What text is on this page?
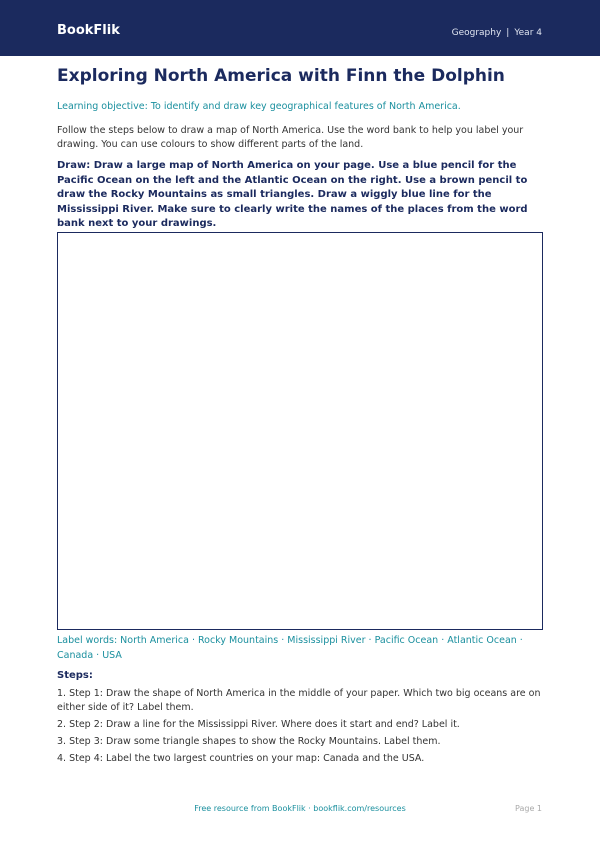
BookFlik	Geography | Year 4
Exploring North America with Finn the Dolphin
Learning objective: To identify and draw key geographical features of North America.
Follow the steps below to draw a map of North America. Use the word bank to help you label your drawing. You can use colours to show different parts of the land.
Draw: Draw a large map of North America on your page. Use a blue pencil for the Pacific Ocean on the left and the Atlantic Ocean on the right. Use a brown pencil to draw the Rocky Mountains as small triangles. Draw a wiggly blue line for the Mississippi River. Make sure to clearly write the names of the places from the word bank next to your drawings.
Label words: North America · Rocky Mountains · Mississippi River · Pacific Ocean · Atlantic Ocean · Canada · USA
Steps:
1. Step 1: Draw the shape of North America in the middle of your paper. Which two big oceans are on either side of it? Label them.
2. Step 2: Draw a line for the Mississippi River. Where does it start and end? Label it.
3. Step 3: Draw some triangle shapes to show the Rocky Mountains. Label them.
4. Step 4: Label the two largest countries on your map: Canada and the USA.
Free resource from BookFlik · bookflik.com/resources	Page 1
